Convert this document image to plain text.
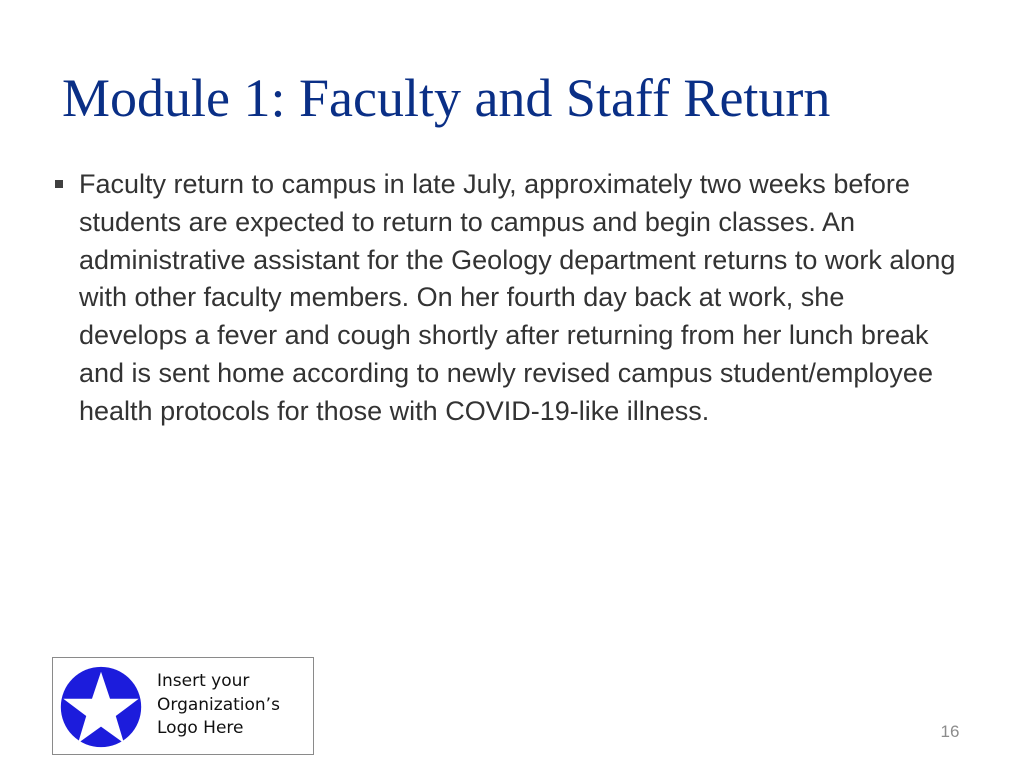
Module 1: Faculty and Staff Return
Faculty return to campus in late July, approximately two weeks before students are expected to return to campus and begin classes. An administrative assistant for the Geology department returns to work along with other faculty members. On her fourth day back at work, she develops a fever and cough shortly after returning from her lunch break and is sent home according to newly revised campus student/employee health protocols for those with COVID-19-like illness.
Insert your
Organization’s
Logo Here	16
